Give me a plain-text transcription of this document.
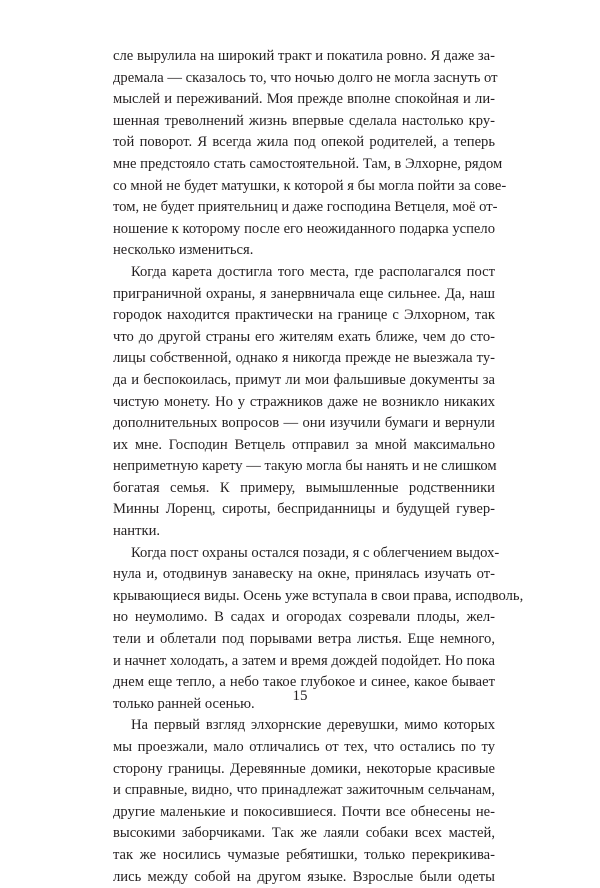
сле вырулила на широкий тракт и покатила ровно. Я даже за-
дремала — сказалось то, что ночью долго не могла заснуть от
мыслей и переживаний. Моя прежде вполне спокойная и ли-
шенная треволнений жизнь впервые сделала настолько кру-
той поворот. Я всегда жила под опекой родителей, а теперь
мне предстояло стать самостоятельной. Там, в Элхорне, рядом
со мной не будет матушки, к которой я бы могла пойти за сове-
том, не будет приятельниц и даже господина Ветцеля, моё от-
ношение к которому после его неожиданного подарка успело
несколько измениться.
Когда карета достигла того места, где располагался пост
приграничной охраны, я занервничала еще сильнее. Да, наш
городок находится практически на границе с Элхорном, так
что до другой страны его жителям ехать ближе, чем до сто-
лицы собственной, однако я никогда прежде не выезжала ту-
да и беспокоилась, примут ли мои фальшивые документы за
чистую монету. Но у стражников даже не возникло никаких
дополнительных вопросов — они изучили бумаги и вернули
их мне. Господин Ветцель отправил за мной максимально
неприметную карету — такую могла бы нанять и не слишком
богатая семья. К примеру, вымышленные родственники
Минны Лоренц, сироты, бесприданницы и будущей гувер-
нантки.
Когда пост охраны остался позади, я с облегчением выдох-
нула и, отодвинув занавеску на окне, принялась изучать от-
крывающиеся виды. Осень уже вступала в свои права, исподволь,
но неумолимо. В садах и огородах созревали плоды, жел-
тели и облетали под порывами ветра листья. Еще немного,
и начнет холодать, а затем и время дождей подойдет. Но пока
днем еще тепло, а небо такое глубокое и синее, какое бывает
только ранней осенью.
На первый взгляд элхорнские деревушки, мимо которых
мы проезжали, мало отличались от тех, что остались по ту
сторону границы. Деревянные домики, некоторые красивые
и справные, видно, что принадлежат зажиточным сельчанам,
другие маленькие и покосившиеся. Почти все обнесены не-
высокими заборчиками. Так же лаяли собаки всех мастей,
так же носились чумазые ребятишки, только перекрикива-
лись между собой на другом языке. Взрослые были одеты
15
